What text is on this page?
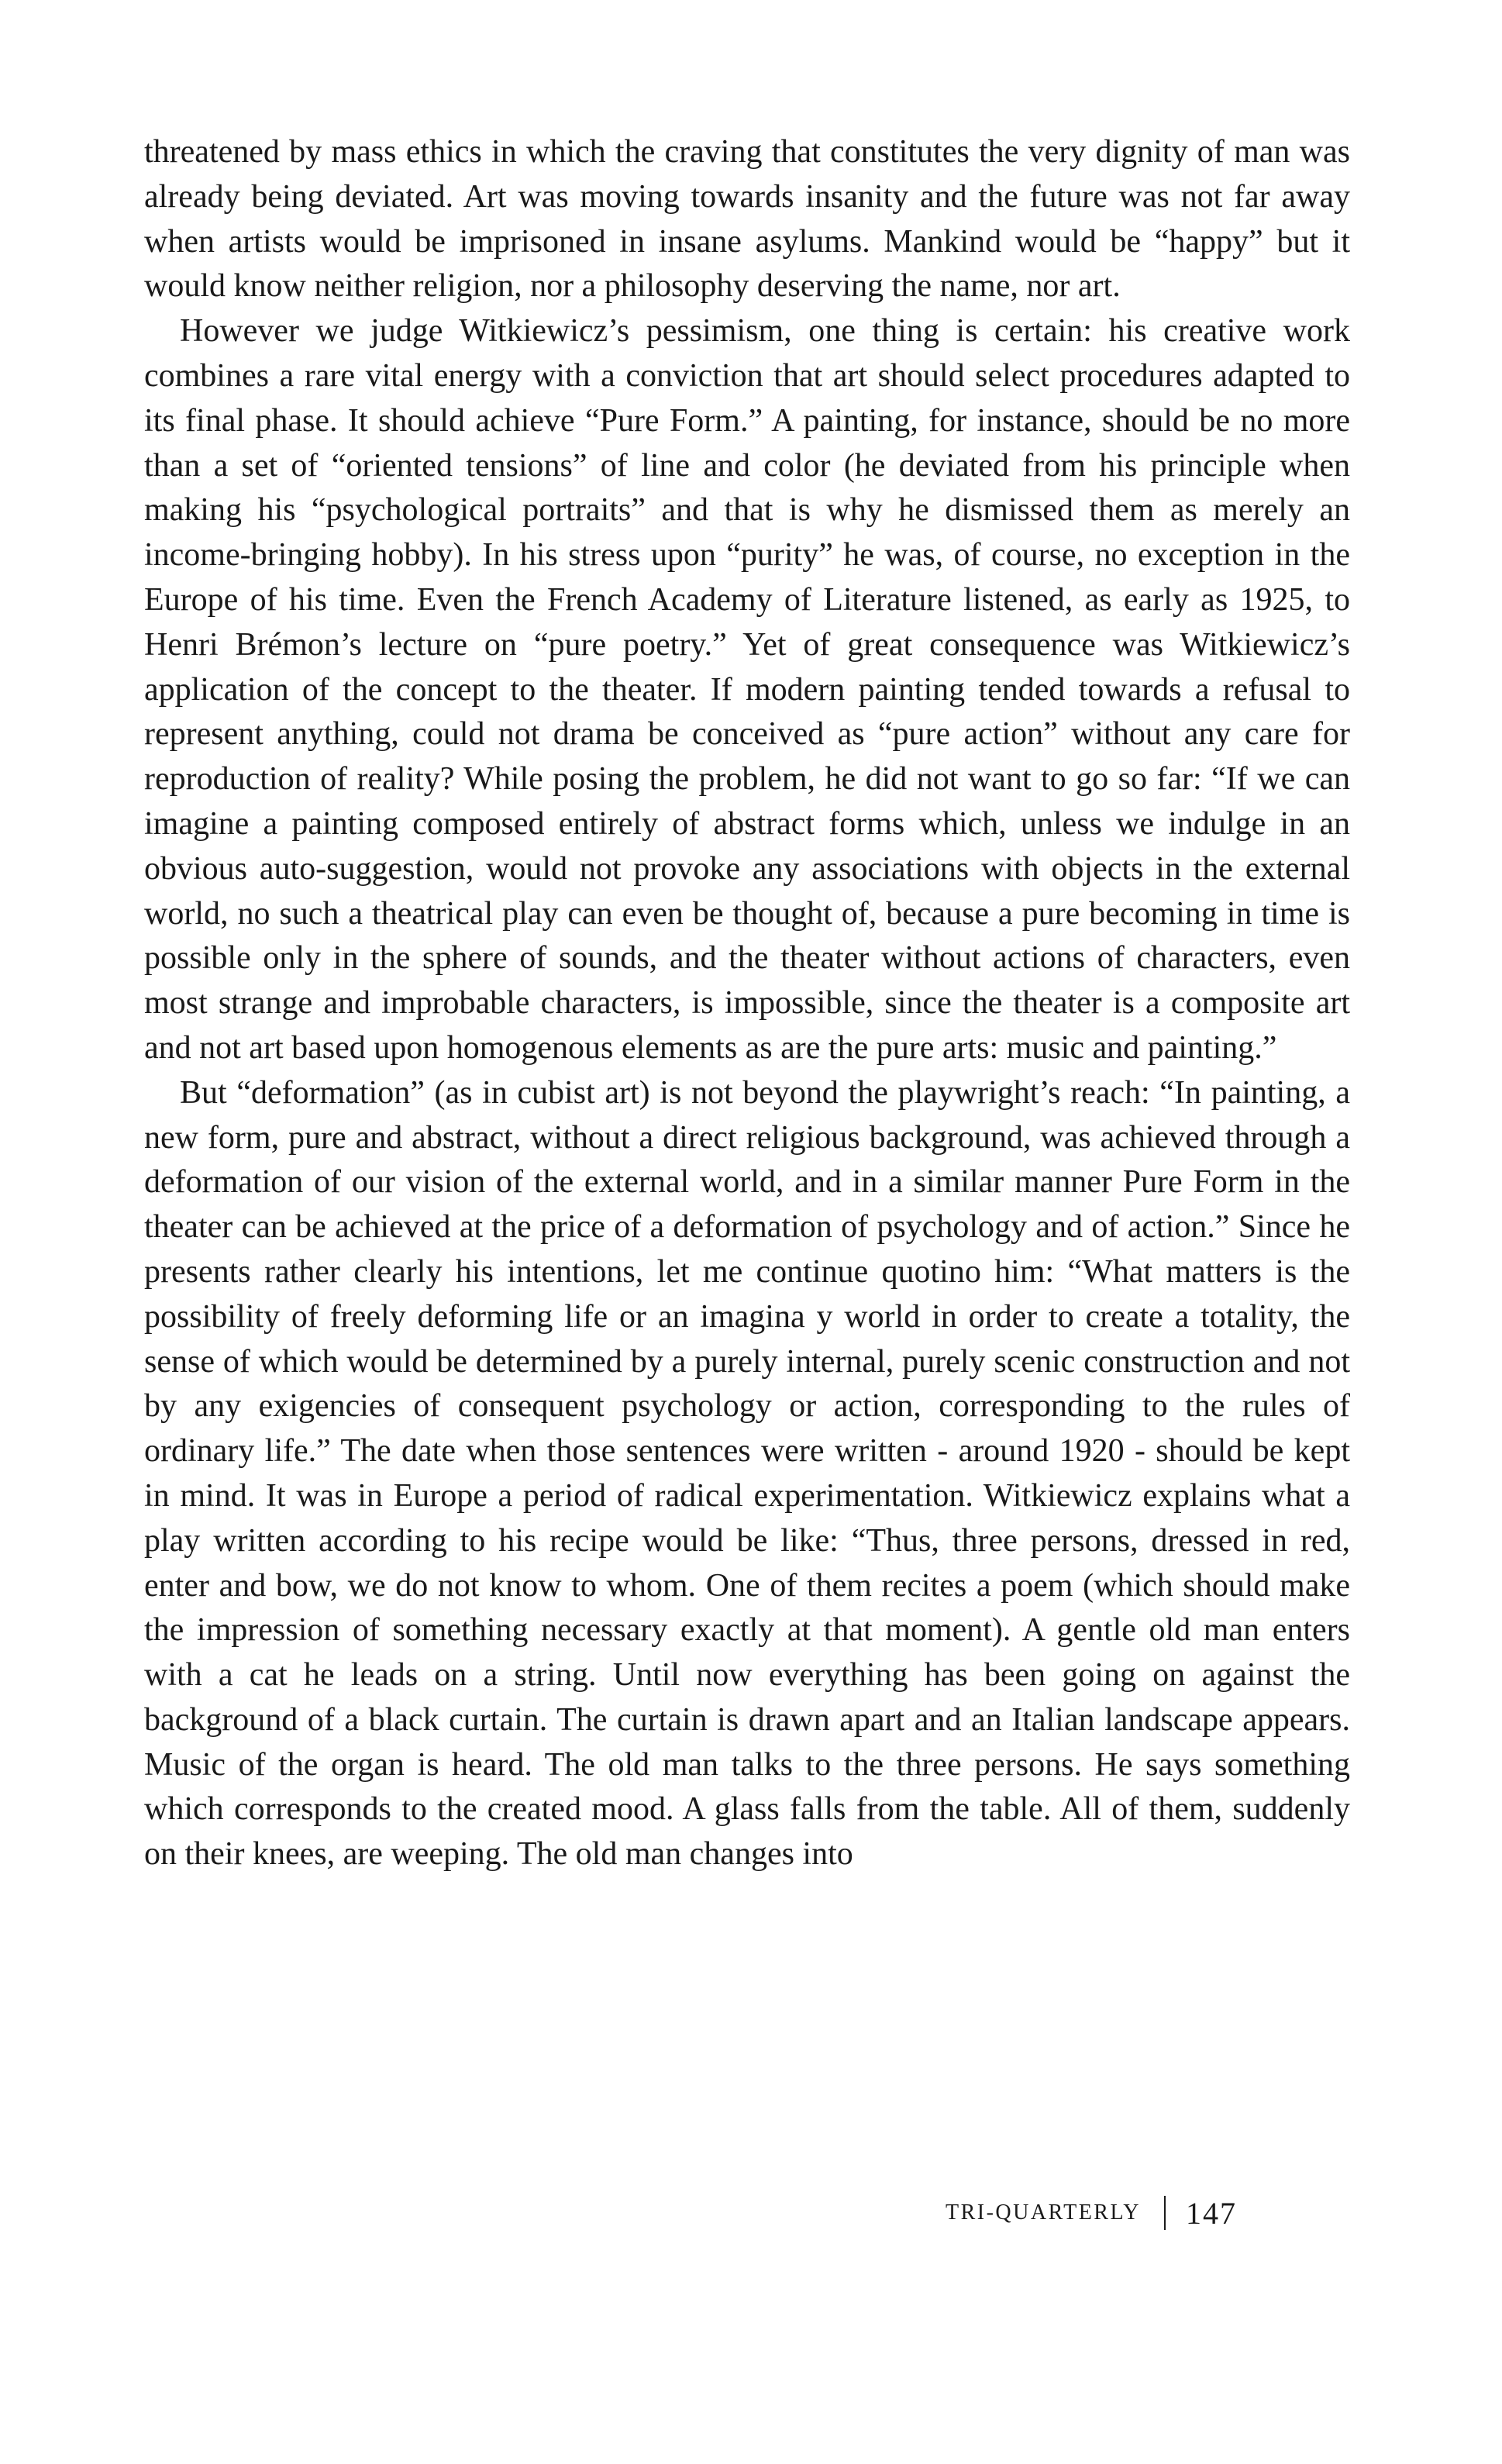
threatened by mass ethics in which the craving that constitutes the very dignity of man was already being deviated. Art was moving towards insanity and the future was not far away when artists would be imprisoned in insane asylums. Mankind would be “happy” but it would know neither religion, nor a philosophy deserving the name, nor art.

However we judge Witkiewicz’s pessimism, one thing is certain: his creative work combines a rare vital energy with a conviction that art should select procedures adapted to its final phase. It should achieve “Pure Form.” A painting, for instance, should be no more than a set of “oriented tensions” of line and color (he deviated from his principle when making his “psychological portraits” and that is why he dismissed them as merely an income-bringing hobby). In his stress upon “purity” he was, of course, no exception in the Europe of his time. Even the French Academy of Literature listened, as early as 1925, to Henri Brémon’s lecture on “pure poetry.” Yet of great consequence was Witkiewicz’s application of the concept to the theater. If modern painting tended towards a refusal to represent anything, could not drama be conceived as “pure action” without any care for reproduction of reality? While posing the problem, he did not want to go so far: “If we can imagine a painting composed entirely of abstract forms which, unless we indulge in an obvious auto-suggestion, would not provoke any associations with objects in the external world, no such a theatrical play can even be thought of, because a pure becoming in time is possible only in the sphere of sounds, and the theater without actions of characters, even most strange and improbable characters, is impossible, since the theater is a composite art and not art based upon homogenous elements as are the pure arts: music and painting.”

But “deformation” (as in cubist art) is not beyond the playwright’s reach: “In painting, a new form, pure and abstract, without a direct religious background, was achieved through a deformation of our vision of the external world, and in a similar manner Pure Form in the theater can be achieved at the price of a deformation of psychology and of action.” Since he presents rather clearly his intentions, let me continue quotino him: “What matters is the possibility of freely deforming life or an imagina y world in order to create a totality, the sense of which would be determined by a purely internal, purely scenic construction and not by any exigencies of consequent psychology or action, corresponding to the rules of ordinary life.” The date when those sentences were written - around 1920 - should be kept in mind. It was in Europe a period of radical experimentation. Witkiewicz explains what a play written according to his recipe would be like: “Thus, three persons, dressed in red, enter and bow, we do not know to whom. One of them recites a poem (which should make the impression of something necessary exactly at that moment). A gentle old man enters with a cat he leads on a string. Until now everything has been going on against the background of a black curtain. The curtain is drawn apart and an Italian landscape appears. Music of the organ is heard. The old man talks to the three persons. He says something which corresponds to the created mood. A glass falls from the table. All of them, suddenly on their knees, are weeping. The old man changes into

TRI-QUARTERLY 147
